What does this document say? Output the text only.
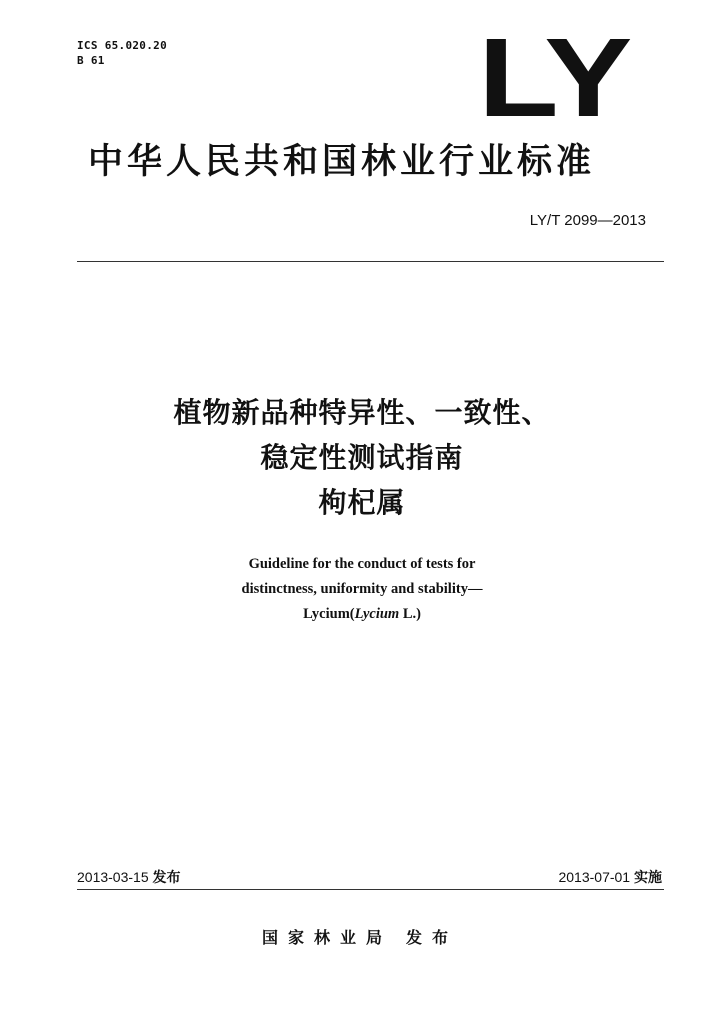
ICS 65.020.20
B 61	LY
中华人民共和国林业行业标准
LY/T 2099—2013
植物新品种特异性、一致性、
稳定性测试指南
枸杞属
Guideline for the conduct of tests for
distinctness, uniformity and stability—
Lycium(Lycium L.)
2013-03-15 发布	2013-07-01 实施
国家林业局 发布
